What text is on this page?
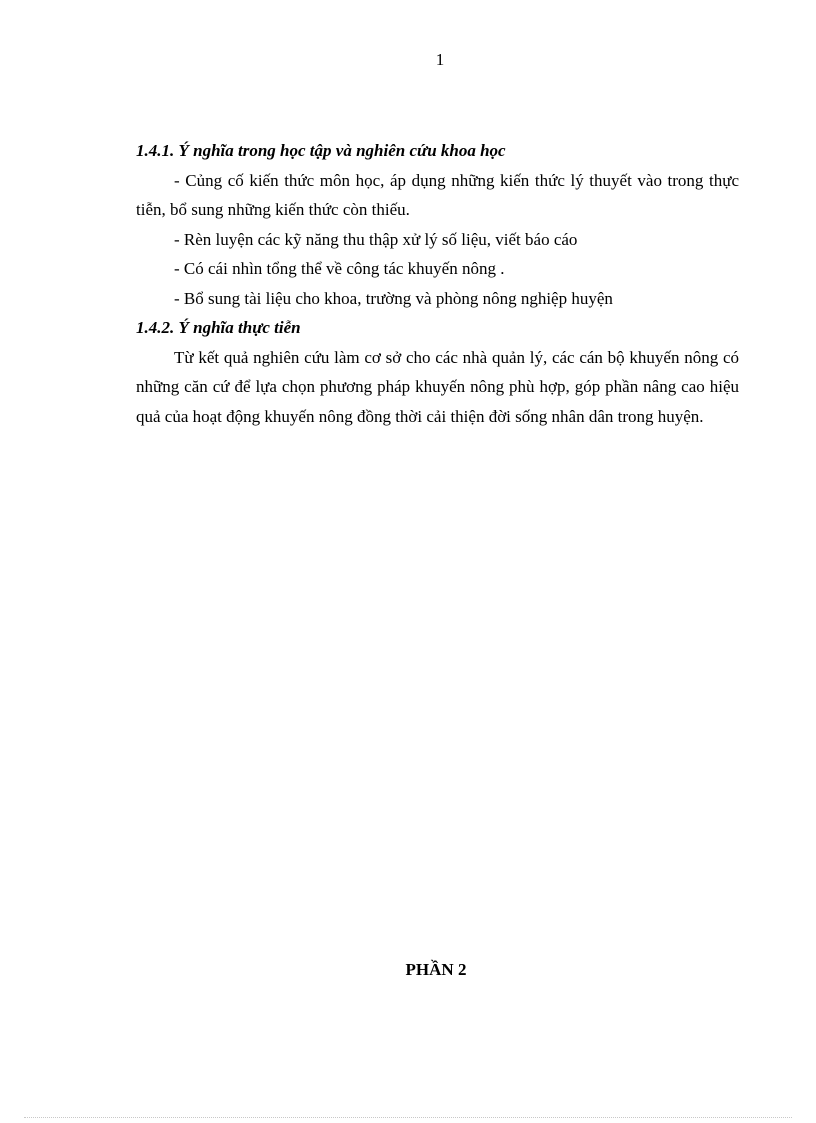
1

1.4.1. Ý nghĩa trong học tập và nghiên cứu khoa học

- Củng cố kiến thức môn học, áp dụng những kiến thức lý thuyết vào trong thực tiễn, bổ sung những kiến thức còn thiếu.

- Rèn luyện các kỹ năng thu thập xử lý số liệu, viết báo cáo

- Có cái nhìn tổng thể về công tác khuyến nông .

- Bổ sung tài liệu cho khoa, trường và phòng nông nghiệp huyện

1.4.2. Ý nghĩa thực tiễn

Từ kết quả nghiên cứu làm cơ sở cho các nhà quản lý, các cán bộ khuyến nông có những căn cứ để lựa chọn phương pháp khuyến nông phù hợp, góp phần nâng cao hiệu quả của hoạt động khuyến nông đồng thời cải thiện đời sống nhân dân trong huyện.

PHẦN 2
